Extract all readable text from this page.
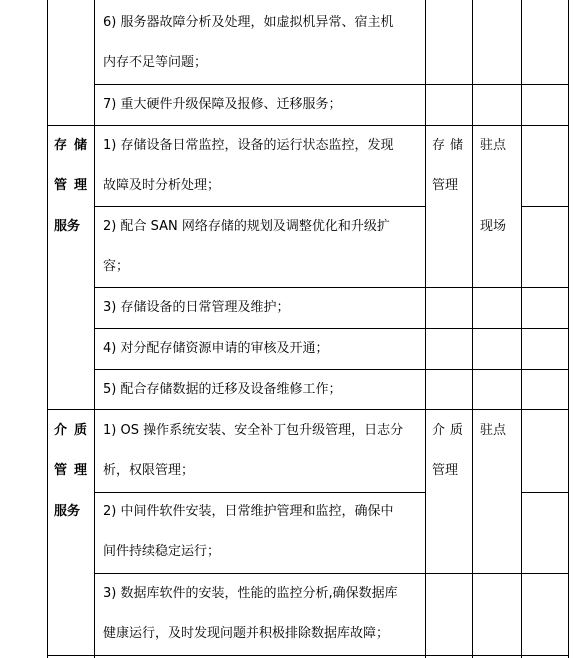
6) 服务器故障分析及处理，如虚拟机异常、宿主机
内存不足等问题；
7) 重大硬件升级保障及报修、迁移服务；
存储
管理
服务
存储
管理
驻点
现场
1) 存储设备日常监控，设备的运行状态监控，发现
故障及时分析处理；
2) 配合 SAN 网络存储的规划及调整优化和升级扩
容；
3) 存储设备的日常管理及维护；
4) 对分配存储资源申请的审核及开通；
5) 配合存储数据的迁移及设备维修工作；
介质
管理
服务
介质
管理
驻点
1) OS 操作系统安装、安全补丁包升级管理，日志分
析，权限管理；
2) 中间件软件安装，日常维护管理和监控，确保中
间件持续稳定运行；
3) 数据库软件的安装，性能的监控分析,确保数据库
健康运行，及时发现问题并积极排除数据库故障；
